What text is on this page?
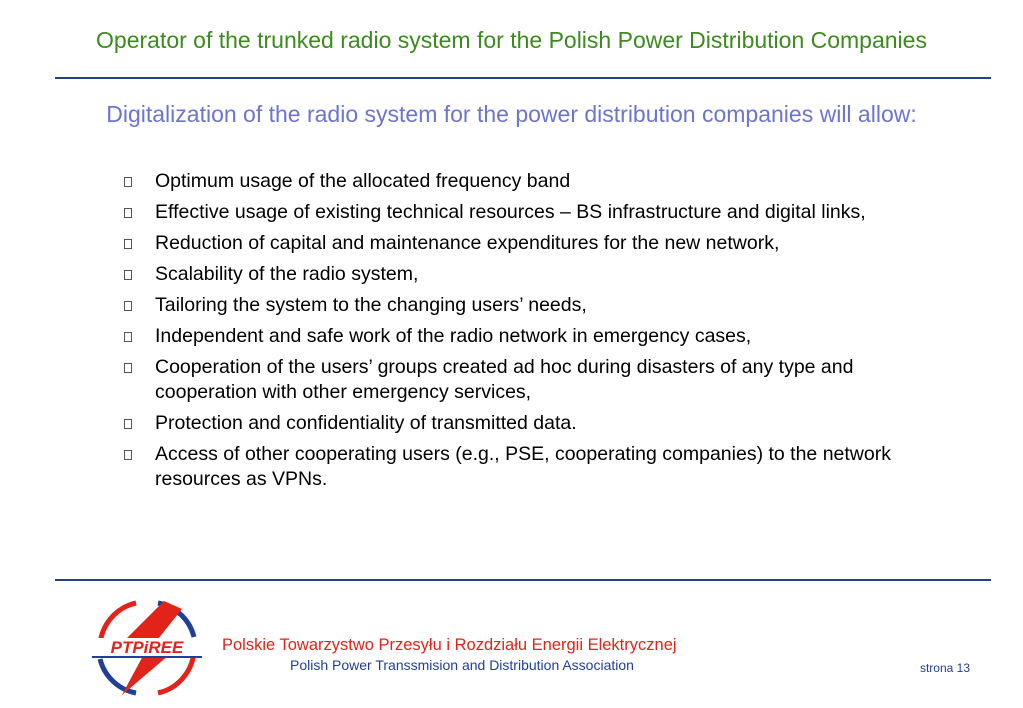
Operator of the trunked radio system for the Polish Power Distribution Companies
Digitalization of the radio system for the power distribution companies will allow:
Optimum usage of the allocated frequency band
Effective usage of existing technical resources – BS infrastructure and digital links,
Reduction of capital and maintenance expenditures for the new network,
Scalability of the radio system,
Tailoring the system to the changing users’ needs,
Independent and safe work of the radio network in emergency cases,
Cooperation of the users’ groups created ad hoc during disasters of any type and cooperation with other emergency services,
Protection and confidentiality of transmitted data.
Access of other cooperating users (e.g., PSE, cooperating companies) to the network resources as VPNs.
PTPiREE Polskie Towarzystwo Przesyłu i Rozdziału Energii Elektrycznej
Polish Power Transsmision and Distribution Association	strona 13
